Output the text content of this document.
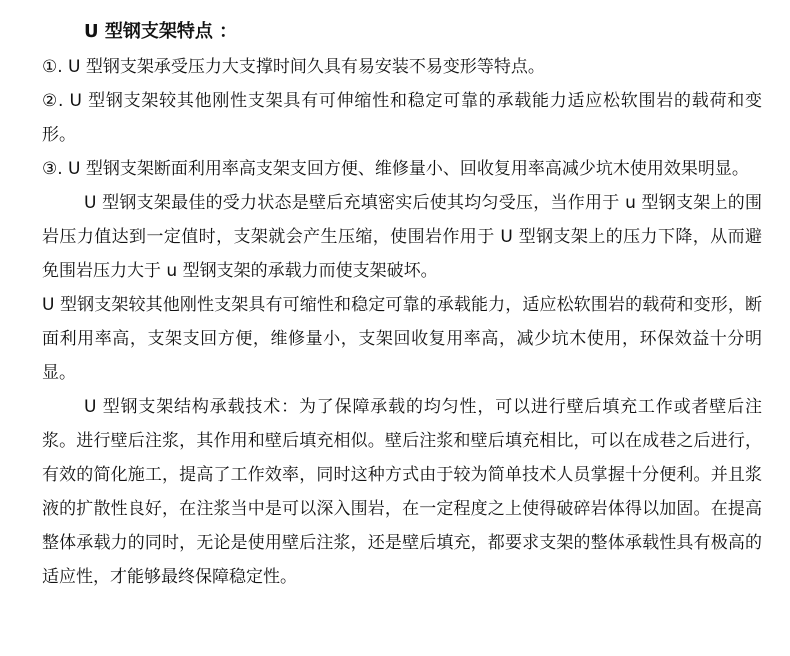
U 型钢支架特点 ：

①. U 型钢支架承受压力大支撑时间久具有易安装不易变形等特点。

②. U 型钢支架较其他刚性支架具有可伸缩性和稳定可靠的承载能力适应松软围岩的载荷和变形。

③. U 型钢支架断面利用率高支架支回方便、维修量小、回收复用率高减少坑木使用效果明显。

U 型钢支架最佳的受力状态是壁后充填密实后使其均匀受压，当作用于 u 型钢支架上的围岩压力值达到一定值时，支架就会产生压缩，使围岩作用于 U 型钢支架上的压力下降，从而避免围岩压力大于 u 型钢支架的承载力而使支架破坏。

U 型钢支架较其他刚性支架具有可缩性和稳定可靠的承载能力，适应松软围岩的载荷和变形，断面利用率高，支架支回方便，维修量小，支架回收复用率高，减少坑木使用，环保效益十分明显。

U 型钢支架结构承载技术：为了保障承载的均匀性，可以进行壁后填充工作或者壁后注浆。进行壁后注浆，其作用和壁后填充相似。壁后注浆和壁后填充相比，可以在成巷之后进行，有效的简化施工，提高了工作效率，同时这种方式由于较为简单技术人员掌握十分便利。并且浆液的扩散性良好，在注浆当中是可以深入围岩，在一定程度之上使得破碎岩体得以加固。在提高整体承载力的同时，无论是使用壁后注浆，还是壁后填充，都要求支架的整体承载性具有极高的适应性，才能够最终保障稳定性。
